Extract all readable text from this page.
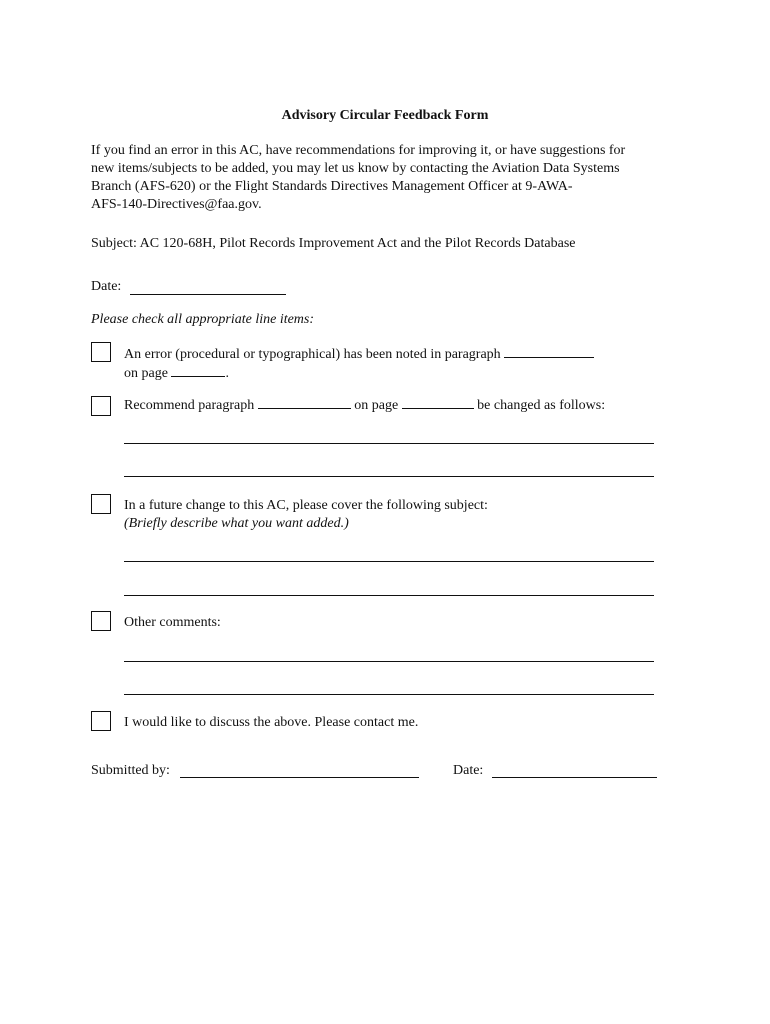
Advisory Circular Feedback Form
If you find an error in this AC, have recommendations for improving it, or have suggestions for
new items/subjects to be added, you may let us know by contacting the Aviation Data Systems
Branch (AFS-620) or the Flight Standards Directives Management Officer at 9-AWA-
AFS-140-Directives@faa.gov.
Subject: AC 120-68H, Pilot Records Improvement Act and the Pilot Records Database
Date:
Please check all appropriate line items:
An error (procedural or typographical) has been noted in paragraph
on page	.
Recommend paragraph	on page	be changed as follows:
In a future change to this AC, please cover the following subject:
(Briefly describe what you want added.)
Other comments:
I would like to discuss the above. Please contact me.
Submitted by:	Date:
